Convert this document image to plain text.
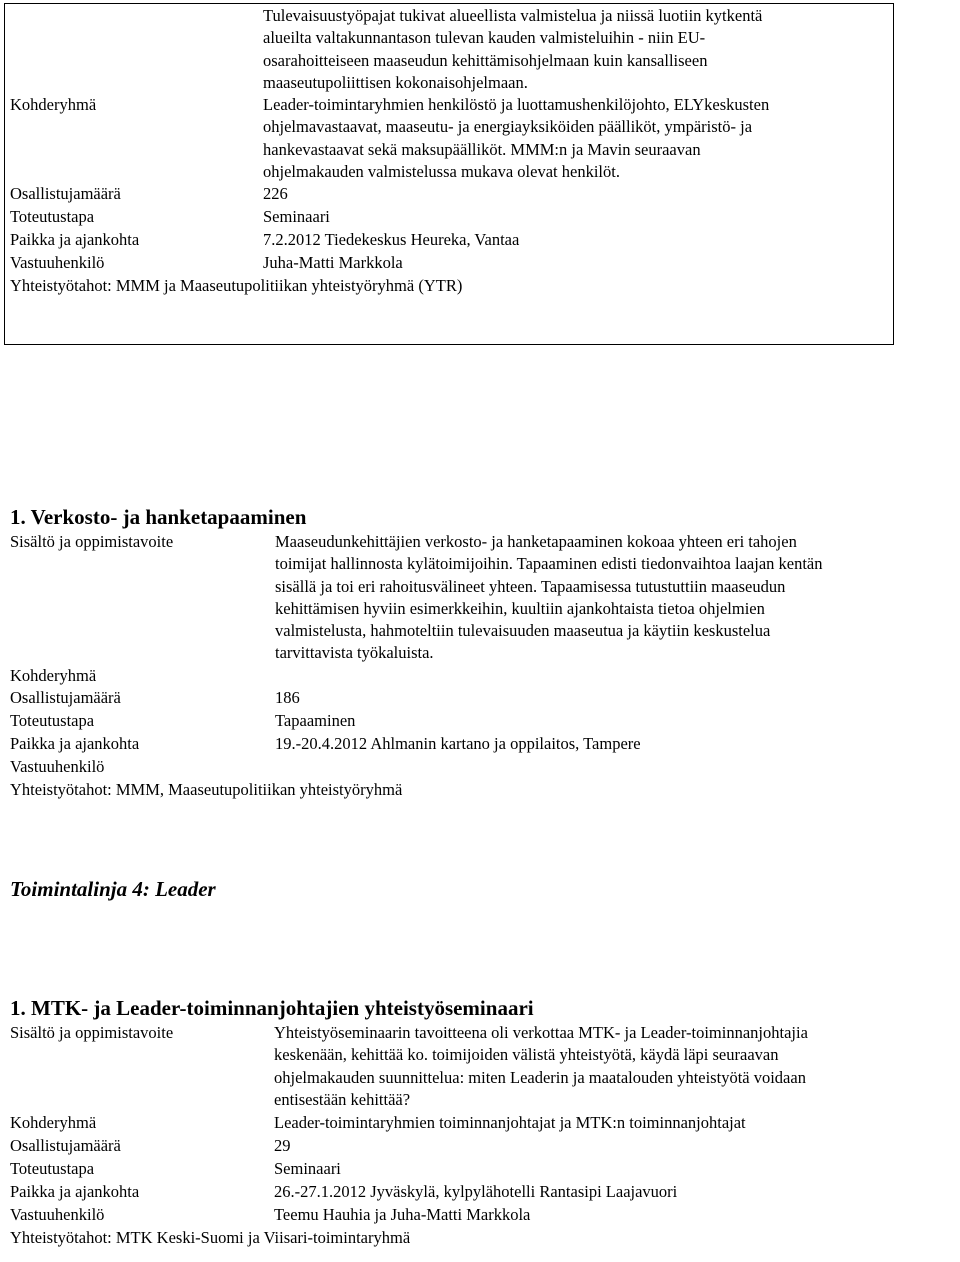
Tulevaisuustyöpajat tukivat alueellista valmistelua ja niissä luotiin kytkentä
alueilta valtakunnantason tulevan kauden valmisteluihin - niin EU-
osarahoitteiseen maaseudun kehittämisohjelmaan kuin kansalliseen
maaseutupoliittisen kokonaisohjelmaan.
Kohderyhmä	Leader-toimintaryhmien henkilöstö ja luottamushenkilöjohto, ELYkeskusten
ohjelmavastaavat, maaseutu- ja energiayksiköiden päälliköt, ympäristö- ja
hankevastaavat sekä maksupäälliköt. MMM:n ja Mavin seuraavan
ohjelmakauden valmistelussa mukava olevat henkilöt.
Osallistujamäärä	226
Toteutustapa	Seminaari
Paikka ja ajankohta	7.2.2012 Tiedekeskus Heureka, Vantaa
Vastuuhenkilö	Juha-Matti Markkola
Yhteistyötahot: MMM ja Maaseutupolitiikan yhteistyöryhmä (YTR)
1. Verkosto- ja hanketapaaminen
Sisältö ja oppimistavoite	Maaseudunkehittäjien verkosto- ja hanketapaaminen kokoaa yhteen eri tahojen
toimijat hallinnosta kylätoimijoihin. Tapaaminen edisti tiedonvaihtoa laajan kentän
sisällä ja toi eri rahoitusvälineet yhteen. Tapaamisessa tutustuttiin maaseudun
kehittämisen hyviin esimerkkeihin, kuultiin ajankohtaista tietoa ohjelmien
valmistelusta, hahmoteltiin tulevaisuuden maaseutua ja käytiin keskustelua
tarvittavista työkaluista.
Kohderyhmä
Osallistujamäärä	186
Toteutustapa	Tapaaminen
Paikka ja ajankohta	19.-20.4.2012 Ahlmanin kartano ja oppilaitos, Tampere
Vastuuhenkilö
Yhteistyötahot: MMM, Maaseutupolitiikan yhteistyöryhmä
Toimintalinja 4: Leader
1. MTK- ja Leader-toiminnanjohtajien yhteistyöseminaari
Sisältö ja oppimistavoite	Yhteistyöseminaarin tavoitteena oli verkottaa MTK- ja Leader-toiminnanjohtajia
keskenään, kehittää ko. toimijoiden välistä yhteistyötä, käydä läpi seuraavan
ohjelmakauden suunnittelua: miten Leaderin ja maatalouden yhteistyötä voidaan
entisestään kehittää?
Kohderyhmä	Leader-toimintaryhmien toiminnanjohtajat ja MTK:n toiminnanjohtajat
Osallistujamäärä	29
Toteutustapa	Seminaari
Paikka ja ajankohta	26.-27.1.2012 Jyväskylä, kylpylähotelli Rantasipi Laajavuori
Vastuuhenkilö	Teemu Hauhia ja Juha-Matti Markkola
Yhteistyötahot: MTK Keski-Suomi ja Viisari-toimintaryhmä
